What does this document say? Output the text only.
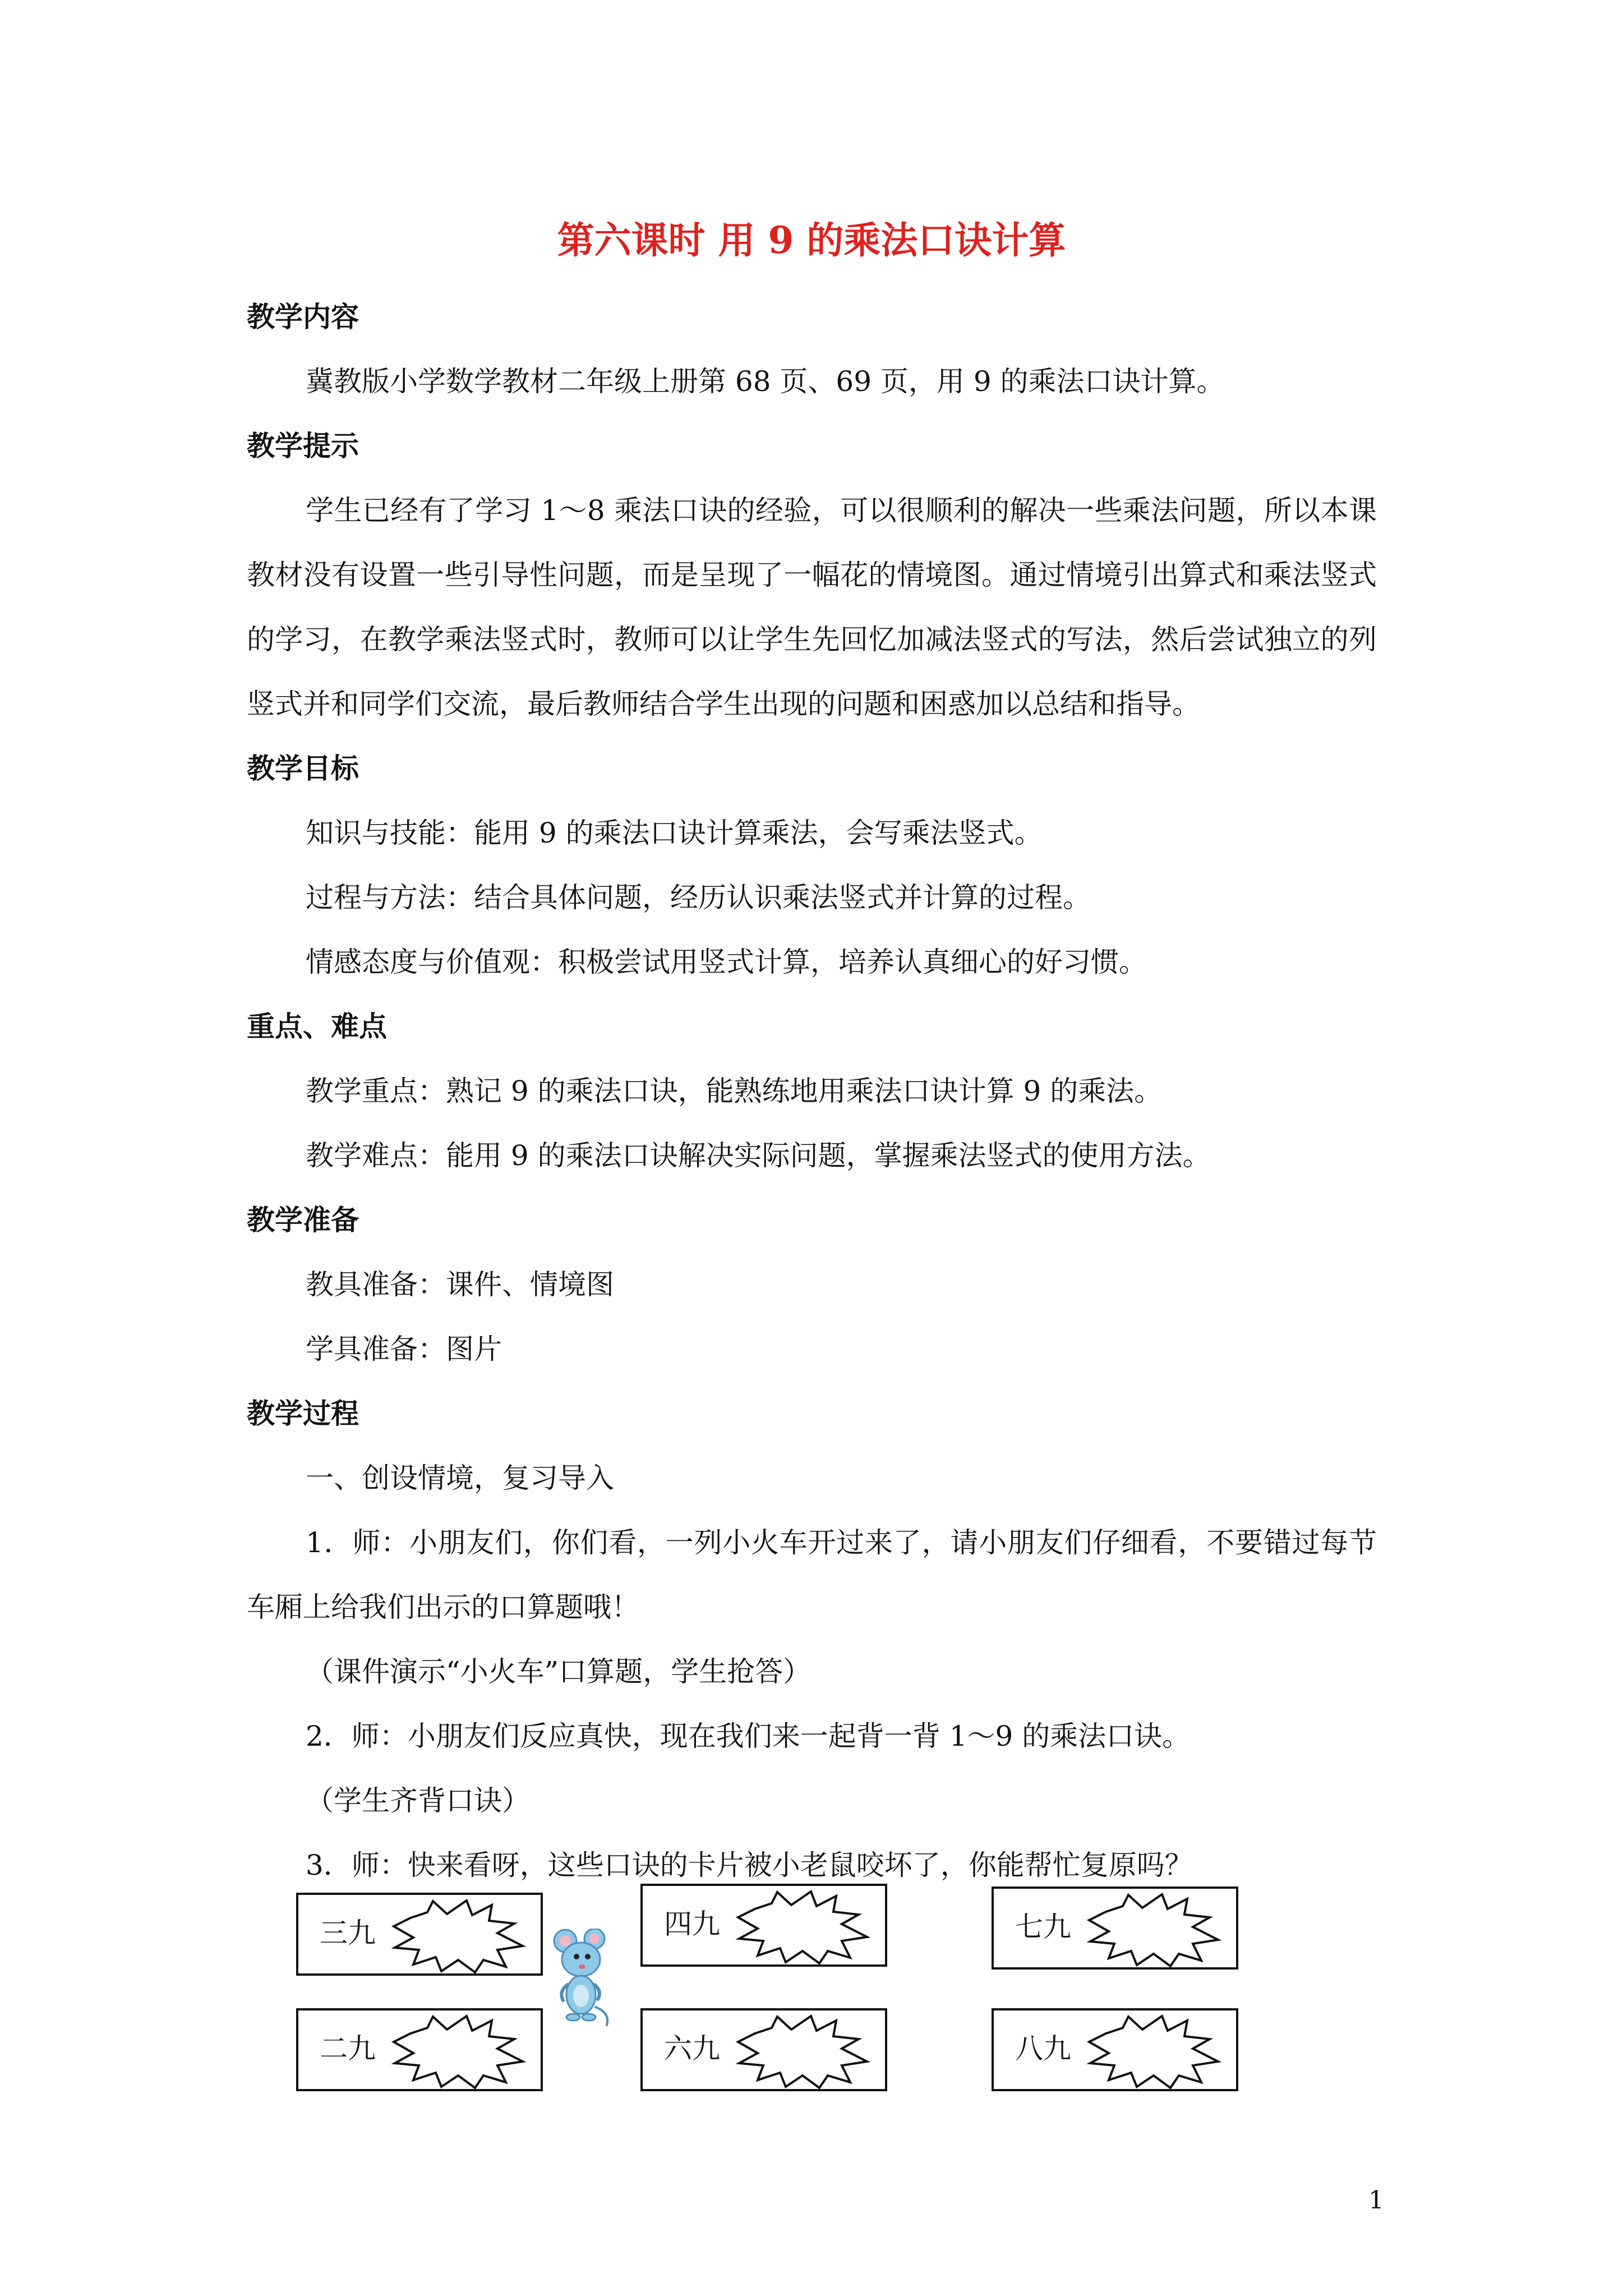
第六课时 用 9 的乘法口诀计算

教学内容

冀教版小学数学教材二年级上册第 68 页、69 页，用 9 的乘法口诀计算。

教学提示

学生已经有了学习 1～8 乘法口诀的经验，可以很顺利的解决一些乘法问题，所以本课

教材没有设置一些引导性问题，而是呈现了一幅花的情境图。通过情境引出算式和乘法竖式

的学习，在教学乘法竖式时，教师可以让学生先回忆加减法竖式的写法，然后尝试独立的列

竖式并和同学们交流，最后教师结合学生出现的问题和困惑加以总结和指导。

教学目标

知识与技能：能用 9 的乘法口诀计算乘法，会写乘法竖式。

过程与方法：结合具体问题，经历认识乘法竖式并计算的过程。

情感态度与价值观：积极尝试用竖式计算，培养认真细心的好习惯。

重点、难点

教学重点：熟记 9 的乘法口诀，能熟练地用乘法口诀计算 9 的乘法。

教学难点：能用 9 的乘法口诀解决实际问题，掌握乘法竖式的使用方法。

教学准备

教具准备：课件、情境图

学具准备：图片

教学过程

一、创设情境，复习导入

1．师：小朋友们，你们看，一列小火车开过来了，请小朋友们仔细看，不要错过每节

车厢上给我们出示的口算题哦！

（课件演示“小火车”口算题，学生抢答）

2．师：小朋友们反应真快，现在我们来一起背一背 1～9 的乘法口诀。

（学生齐背口诀）

3．师：快来看呀，这些口诀的卡片被小老鼠咬坏了，你能帮忙复原吗？

三九	四九	七九
二九	六九	八九
1
